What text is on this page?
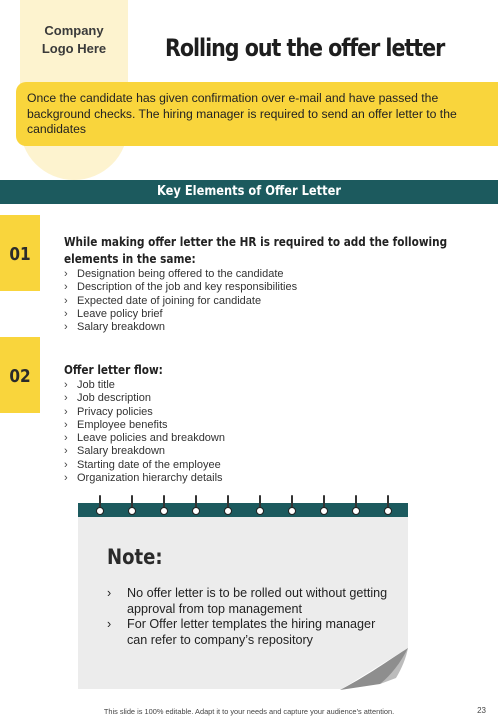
Company
Logo Here	Rolling out the offer letter
Once the candidate has given confirmation over e-mail and have passed the background checks. The hiring manager is required to send an offer letter to the candidates
Key Elements of Offer Letter
01
While making offer letter the HR is required to add the following
elements in the same:
› Designation being offered to the candidate
› Description of the job and key responsibilities
› Expected date of joining for candidate
› Leave policy brief
› Salary breakdown
02	Offer letter flow:
› Job title
› Job description
› Privacy policies
› Employee benefits
› Leave policies and breakdown
› Salary breakdown
› Starting date of the employee
› Organization hierarchy details
Note:
› No offer letter is to be rolled out without getting approval from top management
› For Offer letter templates the hiring manager can refer to company’s repository
This slide is 100% editable. Adapt it to your needs and capture your audience’s attention.	23
